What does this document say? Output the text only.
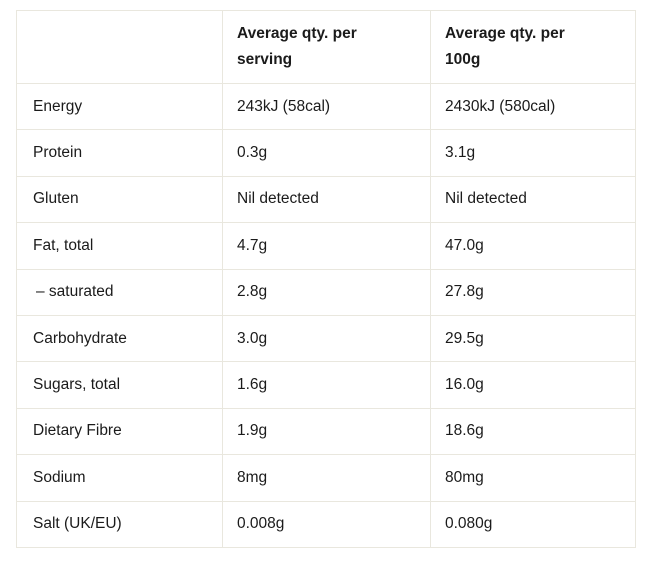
	Average qty. per serving	Average qty. per 100g
Energy	243kJ (58cal)	2430kJ (580cal)
Protein	0.3g	3.1g
Gluten	Nil detected	Nil detected
Fat, total	4.7g	47.0g
– saturated	2.8g	27.8g
Carbohydrate	3.0g	29.5g
Sugars, total	1.6g	16.0g
Dietary Fibre	1.9g	18.6g
Sodium	8mg	80mg
Salt (UK/EU)	0.008g	0.080g
